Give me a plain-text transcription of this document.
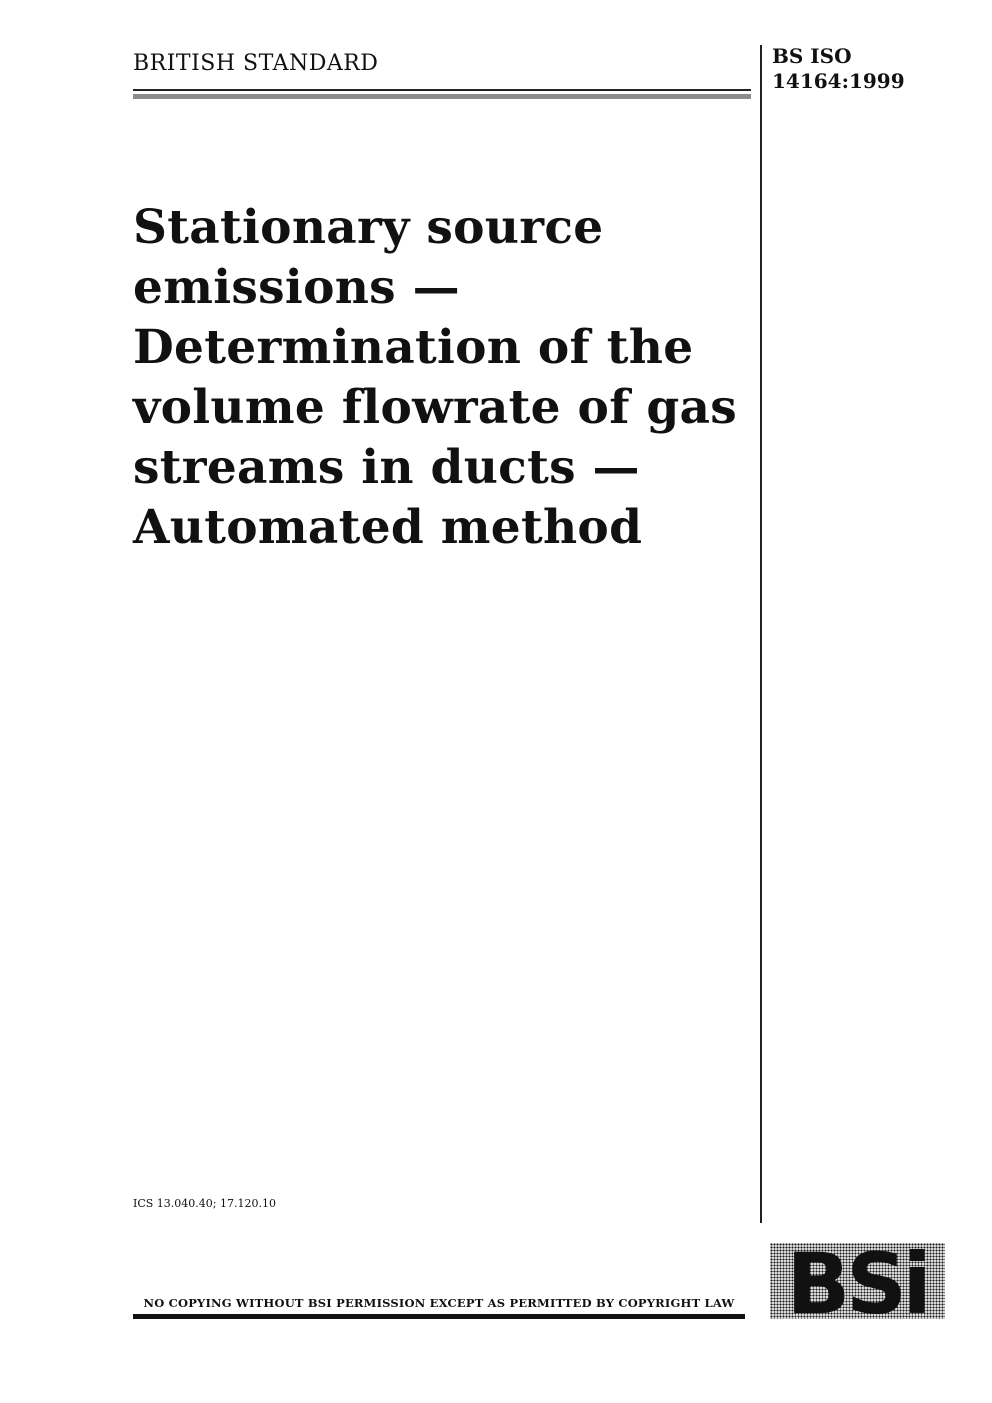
BRITISH STANDARD	BS ISO
14164:1999
Stationary source
emissions —
Determination of the
volume flowrate of gas
streams in ducts —
Automated method
ICS 13.040.40; 17.120.10
NO COPYING WITHOUT BSI PERMISSION EXCEPT AS PERMITTED BY COPYRIGHT LAW BSi
